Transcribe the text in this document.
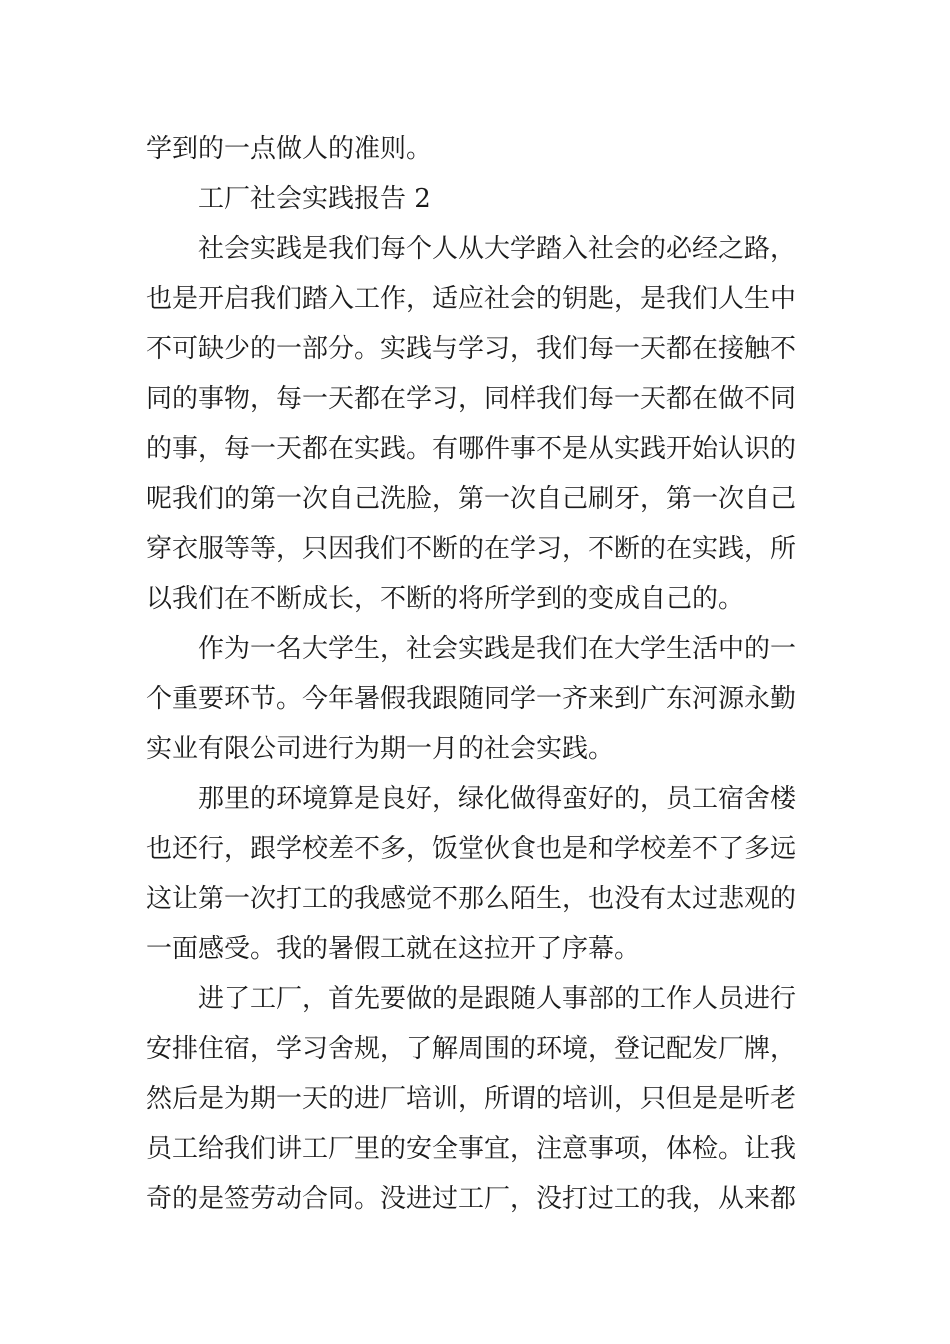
学到的一点做人的准则。
工厂社会实践报告 2
社会实践是我们每个人从大学踏入社会的必经之路，
也是开启我们踏入工作，适应社会的钥匙，是我们人生中
不可缺少的一部分。实践与学习，我们每一天都在接触不
同的事物，每一天都在学习，同样我们每一天都在做不同
的事，每一天都在实践。有哪件事不是从实践开始认识的
呢我们的第一次自己洗脸，第一次自己刷牙，第一次自己
穿衣服等等，只因我们不断的在学习，不断的在实践，所
以我们在不断成长，不断的将所学到的变成自己的。
作为一名大学生，社会实践是我们在大学生活中的一
个重要环节。今年暑假我跟随同学一齐来到广东河源永勤
实业有限公司进行为期一月的社会实践。
那里的环境算是良好，绿化做得蛮好的，员工宿舍楼
也还行，跟学校差不多，饭堂伙食也是和学校差不了多远
这让第一次打工的我感觉不那么陌生，也没有太过悲观的
一面感受。我的暑假工就在这拉开了序幕。
进了工厂，首先要做的是跟随人事部的工作人员进行
安排住宿，学习舍规，了解周围的环境，登记配发厂牌，
然后是为期一天的进厂培训，所谓的培训，只但是是听老
员工给我们讲工厂里的安全事宜，注意事项，体检。让我
奇的是签劳动合同。没进过工厂，没打过工的我，从来都
